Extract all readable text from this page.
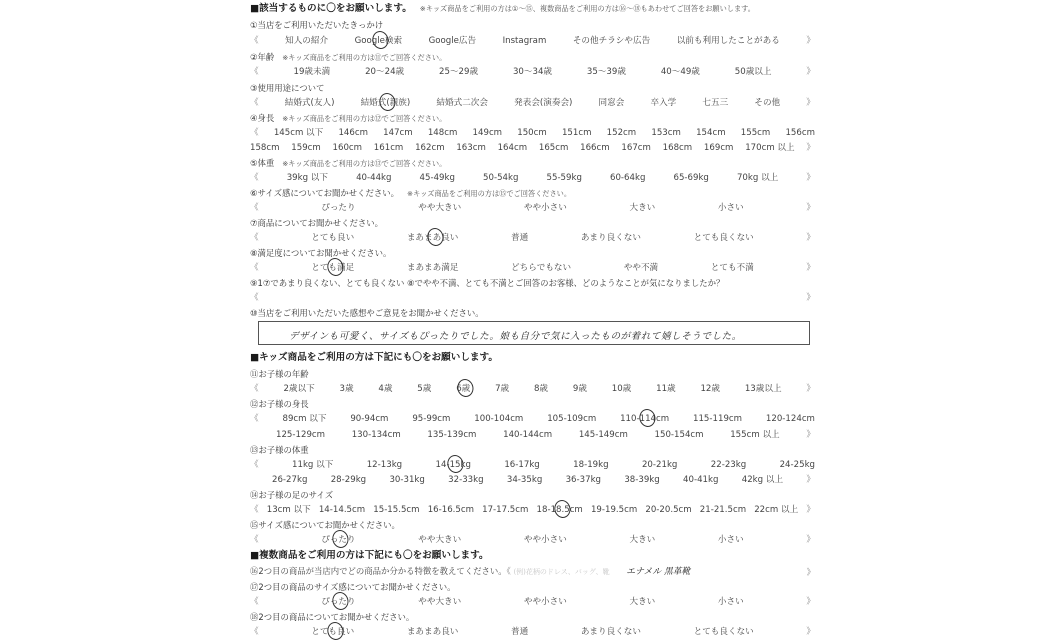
■該当するものに〇をお願いします。 ※キッズ商品をご利用の方は①〜⑮、複数商品をご利用の方は⑯〜⑱もあわせてご回答をお願いします。
①当店をご利用いただいたきっかけ
《	知人の紹介	Google検索	Google広告	Instagram	その他チラシや広告	以前も利用したことがある	》
②年齢 ※キッズ商品をご利用の方は⑪でご回答ください。
《	19歳未満	20〜24歳	25〜29歳	30〜34歳	35〜39歳	40〜49歳	50歳以上	》
③使用用途について
《	結婚式(友人)	結婚式(親族)	結婚式二次会	発表会(演奏会)	同窓会	卒入学	七五三	その他	》
④身長 ※キッズ商品をご利用の方は⑫でご回答ください。
《 145cm 以下 146cm 147cm 148cm 149cm 150cm 151cm 152cm 153cm 154cm 155cm 156cm
158cm 159cm 160cm 161cm 162cm 163cm 164cm 165cm 166cm 167cm 168cm 169cm 170cm 以上 》
⑤体重 ※キッズ商品をご利用の方は⑬でご回答ください。
《	39kg 以下	40-44kg	45-49kg	50-54kg	55-59kg	60-64kg	65-69kg	70kg 以上	》
⑥サイズ感についてお聞かせください。 ※キッズ商品をご利用の方は⑮でご回答ください。
《	ぴったり	やや大きい	やや小さい	大きい	小さい	》
⑦商品についてお聞かせください。
《	とても良い	まあまあ良い	普通	あまり良くない	とても良くない	》
⑧満足度についてお聞かせください。
《	とても満足	まあまあ満足	どちらでもない	やや不満	とても不満	》
⑨1⑦であまり良くない、とても良くない ⑧でやや不満、とても不満とご回答のお客様、どのようなことが気になりましたか？
《	》
⑩当店をご利用いただいた感想やご意見をお聞かせください。
デザインも可愛く、サイズもぴったりでした。娘も自分で気に入ったものが着れて嬉しそうでした。
■キッズ商品をご利用の方は下記にも〇をお願いします。
⑪お子様の年齢
《	2歳以下	3歳	4歳	5歳	6歳	7歳	8歳	9歳	10歳	11歳	12歳	13歳以上	》
⑫お子様の身長
《	89cm 以下	90-94cm	95-99cm	100-104cm	105-109cm	110-114cm	115-119cm	120-124cm
125-129cm	130-134cm	135-139cm	140-144cm	145-149cm	150-154cm	155cm 以上	》
⑬お子様の体重
《	11kg 以下	12-13kg	14-15kg	16-17kg	18-19kg	20-21kg	22-23kg	24-25kg
26-27kg	28-29kg	30-31kg	32-33kg	34-35kg	36-37kg	38-39kg	40-41kg	42kg 以上	》
⑭お子様の足のサイズ
《 13cm 以下 14-14.5cm 15-15.5cm 16-16.5cm 17-17.5cm 18-18.5cm 19-19.5cm 20-20.5cm 21-21.5cm 22cm 以上 》
⑮サイズ感についてお聞かせください。
《	ぴったり	やや大きい	やや小さい	大きい	小さい	》
■複数商品をご利用の方は下記にも〇をお願いします。
⑯2つ目の商品が当店内でどの商品か分かる特徴を教えてください。《 (例)花柄のドレス、バッグ、靴 エナメル 黒革靴	》
⑰2つ目の商品のサイズ感についてお聞かせください。
《	ぴったり	やや大きい	やや小さい	大きい	小さい	》
⑱2つ目の商品についてお聞かせください。
《	とても良い	まあまあ良い	普通	あまり良くない	とても良くない	》
